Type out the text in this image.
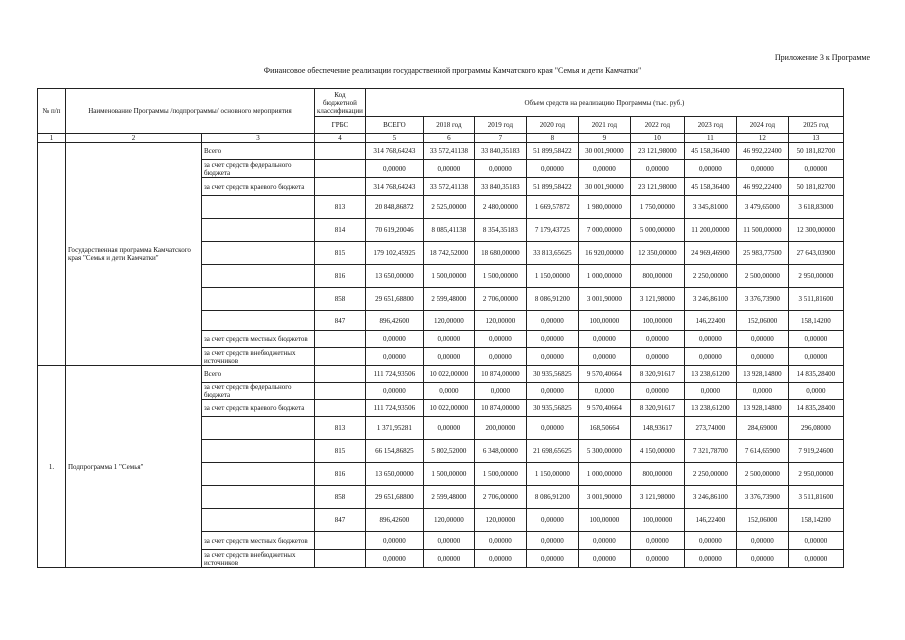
Приложение 3 к Программе
Финансовое обеспечение реализации государственной программы Камчатского края "Семья и дети Камчатки"
№ п/п	Наименование Программы /подпрограммы/ основного мероприятия		Код бюджетной классификации	Объем средств на реализацию Программы (тыс. руб.)								
			ГРБС	ВСЕГО	2018 год	2019 год	2020 год	2021 год	2022 год	2023 год	2024 год	2025 год
1	2	3	4	5	6	7	8	9	10	11	12	13
	Государственная программа Камчатского края "Семья и дети Камчатки"	Всего		314 768,64243	33 572,41138	33 840,35183	51 899,58422	30 001,90000	23 121,98000	45 158,36400	46 992,22400	50 181,82700
		за счет средств федерального бюджета		0,00000	0,00000	0,00000	0,00000	0,00000	0,00000	0,00000	0,00000	0,00000
		за счет средств краевого бюджета		314 768,64243	33 572,41138	33 840,35183	51 899,58422	30 001,90000	23 121,98000	45 158,36400	46 992,22400	50 181,82700
			813	20 848,86872	2 525,00000	2 480,00000	1 669,57872	1 980,00000	1 750,00000	3 345,81000	3 479,65000	3 618,83000
			814	70 619,20046	8 085,41138	8 354,35183	7 179,43725	7 000,00000	5 000,00000	11 200,00000	11 500,00000	12 300,00000
			815	179 102,45925	18 742,52000	18 680,00000	33 813,65625	16 920,00000	12 350,00000	24 969,46900	25 983,77500	27 643,03900
			816	13 650,00000	1 500,00000	1 500,00000	1 150,00000	1 000,00000	800,00000	2 250,00000	2 500,00000	2 950,00000
			858	29 651,68800	2 599,48000	2 706,00000	8 086,91200	3 001,90000	3 121,98000	3 246,86100	3 376,73900	3 511,81600
			847	896,42600	120,00000	120,00000	0,00000	100,00000	100,00000	146,22400	152,06000	158,14200
		за счет средств местных бюджетов		0,00000	0,00000	0,00000	0,00000	0,00000	0,00000	0,00000	0,00000	0,00000
		за счет средств внебюджетных источников		0,00000	0,00000	0,00000	0,00000	0,00000	0,00000	0,00000	0,00000	0,00000
1.	Подпрограмма 1 "Семья"	Всего		111 724,93506	10 022,00000	10 874,00000	30 935,56825	9 570,40664	8 320,91617	13 238,61200	13 928,14800	14 835,28400
		за счет средств федерального бюджета		0,00000	0,0000	0,0000	0,00000	0,0000	0,00000	0,0000	0,0000	0,0000
		за счет средств краевого бюджета		111 724,93506	10 022,00000	10 874,00000	30 935,56825	9 570,40664	8 320,91617	13 238,61200	13 928,14800	14 835,28400
			813	1 371,95281	0,00000	200,00000	0,00000	168,50664	148,93617	273,74000	284,69000	296,08000
			815	66 154,86825	5 802,52000	6 348,00000	21 698,65625	5 300,00000	4 150,00000	7 321,78700	7 614,65900	7 919,24600
			816	13 650,00000	1 500,00000	1 500,00000	1 150,00000	1 000,00000	800,00000	2 250,00000	2 500,00000	2 950,00000
			858	29 651,68800	2 599,48000	2 706,00000	8 086,91200	3 001,90000	3 121,98000	3 246,86100	3 376,73900	3 511,81600
			847	896,42600	120,00000	120,00000	0,00000	100,00000	100,00000	146,22400	152,06000	158,14200
		за счет средств местных бюджетов		0,00000	0,00000	0,00000	0,00000	0,00000	0,00000	0,00000	0,00000	0,00000
		за счет средств внебюджетных источников		0,00000	0,00000	0,00000	0,00000	0,00000	0,00000	0,00000	0,00000	0,00000
